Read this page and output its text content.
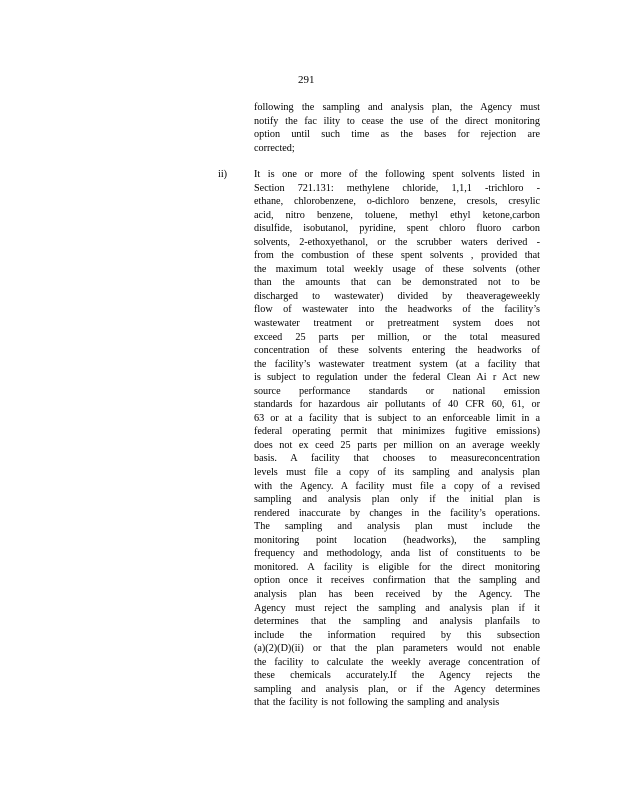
291
following the sampling and analysis plan, the Agency must
notify the fac ility to cease the use of the direct monitoring
option until such time as the bases for rejection are
corrected;
ii)	It is one or more of the following spent solvents listed in
Section 721.131: methylene chloride, 1,1,1 -trichloro -
ethane, chlorobenzene, o-dichloro benzene, cresols, cresylic
acid, nitro benzene, toluene, methyl ethyl ketone,carbon
disulfide, isobutanol, pyridine, spent chloro fluoro carbon
solvents, 2-ethoxyethanol, or the scrubber waters derived -
from the combustion of these spent solvents , provided that
the maximum total weekly usage of these solvents (other
than the amounts that can be demonstrated not to be
discharged to wastewater) divided by theaverageweekly
flow of wastewater into the headworks of the facility’s
wastewater treatment or pretreatment system does not
exceed 25 parts per million, or the total measured
concentration of these solvents entering the headworks of
the facility’s wastewater treatment system (at a facility that
is subject to regulation under the federal Clean Ai r Act new
source performance standards or national emission
standards for hazardous air pollutants of 40 CFR 60, 61, or
63 or at a facility that is subject to an enforceable limit in a
federal operating permit that minimizes fugitive emissions)
does not ex ceed 25 parts per million on an average weekly
basis. A facility that chooses to measureconcentration
levels must file a copy of its sampling and analysis plan
with the Agency. A facility must file a copy of a revised
sampling and analysis plan only if the initial plan is
rendered inaccurate by changes in the facility’s operations.
The sampling and analysis plan must include the
monitoring point location (headworks), the sampling
frequency and methodology, anda list of constituents to be
monitored. A facility is eligible for the direct monitoring
option once it receives confirmation that the sampling and
analysis plan has been received by the Agency. The
Agency must reject the sampling and analysis plan if it
determines that the sampling and analysis planfails to
include the information required by this subsection
(a)(2)(D)(ii) or that the plan parameters would not enable
the facility to calculate the weekly average concentration of
these chemicals accurately.If the Agency rejects the
sampling and analysis plan, or if the Agency determines
that the facility is not following the sampling and analysis
